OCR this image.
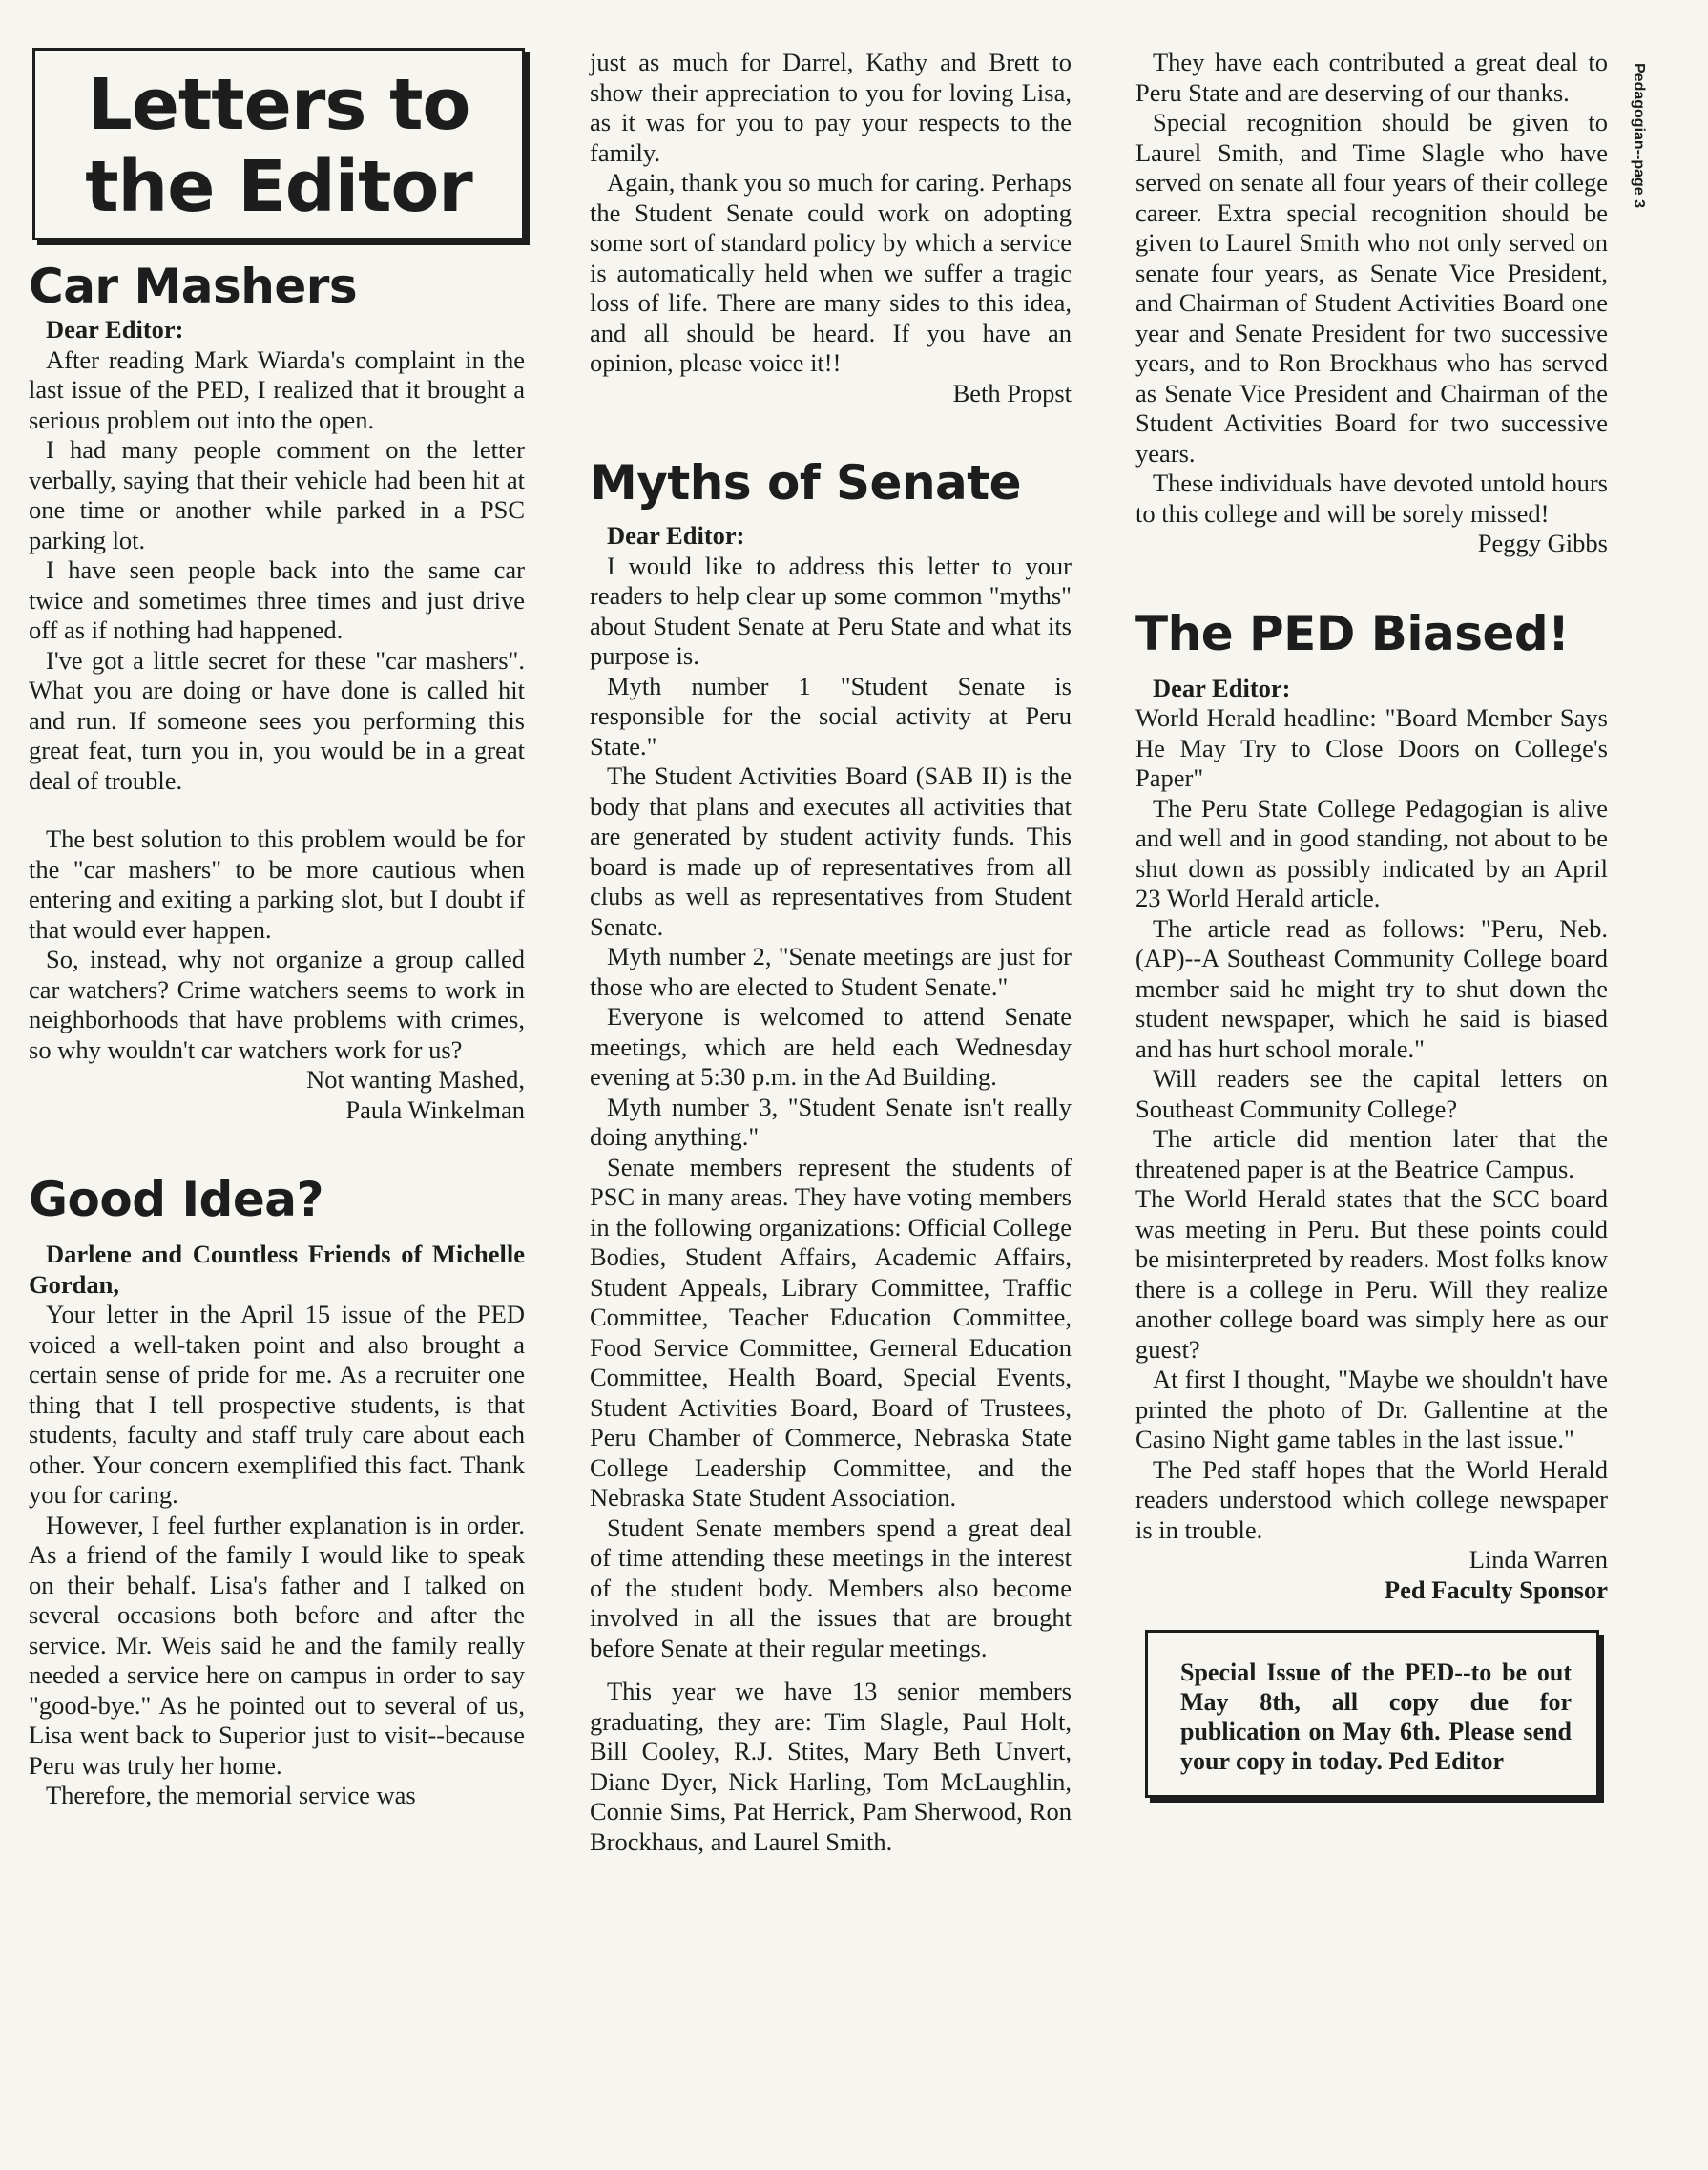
Pedagogian--page 3
Letters to
the Editor
Car Mashers

Dear Editor:

After reading Mark Wiarda's complaint in the last issue of the PED, I realized that it brought a serious problem out into the open.

I had many people comment on the letter verbally, saying that their vehicle had been hit at one time or another while parked in a PSC parking lot.

I have seen people back into the same car twice and sometimes three times and just drive off as if nothing had happened.

I've got a little secret for these "car mashers". What you are doing or have done is called hit and run. If someone sees you performing this great feat, turn you in, you would be in a great deal of trouble.

The best solution to this problem would be for the "car mashers" to be more cautious when entering and exiting a parking slot, but I doubt if that would ever happen.

So, instead, why not organize a group called car watchers? Crime watchers seems to work in neighborhoods that have problems with crimes, so why wouldn't car watchers work for us?

Not wanting Mashed,

Paula Winkelman

Good Idea?

Darlene and Countless Friends of Michelle Gordan,

Your letter in the April 15 issue of the PED voiced a well-taken point and also brought a certain sense of pride for me. As a recruiter one thing that I tell prospective students, is that students, faculty and staff truly care about each other. Your concern exemplified this fact. Thank you for caring.

However, I feel further explanation is in order. As a friend of the family I would like to speak on their behalf. Lisa's father and I talked on several occasions both before and after the service. Mr. Weis said he and the family really needed a service here on campus in order to say "good-bye." As he pointed out to several of us, Lisa went back to Superior just to visit--because Peru was truly her home.

Therefore, the memorial service was

just as much for Darrel, Kathy and Brett to show their appreciation to you for loving Lisa, as it was for you to pay your respects to the family.

Again, thank you so much for caring. Perhaps the Student Senate could work on adopting some sort of standard policy by which a service is automatically held when we suffer a tragic loss of life. There are many sides to this idea, and all should be heard. If you have an opinion, please voice it!!

Beth Propst

Myths of Senate

Dear Editor:

I would like to address this letter to your readers to help clear up some common "myths" about Student Senate at Peru State and what its purpose is.

Myth number 1 "Student Senate is responsible for the social activity at Peru State."

The Student Activities Board (SAB II) is the body that plans and executes all activities that are generated by student activity funds. This board is made up of representatives from all clubs as well as representatives from Student Senate.

Myth number 2, "Senate meetings are just for those who are elected to Student Senate."

Everyone is welcomed to attend Senate meetings, which are held each Wednesday evening at 5:30 p.m. in the Ad Building.

Myth number 3, "Student Senate isn't really doing anything."

Senate members represent the students of PSC in many areas. They have voting members in the following organizations: Official College Bodies, Student Affairs, Academic Affairs, Student Appeals, Library Committee, Traffic Committee, Teacher Education Committee, Food Service Committee, Gerneral Education Committee, Health Board, Special Events, Student Activities Board, Board of Trustees, Peru Chamber of Commerce, Nebraska State College Leadership Committee, and the Nebraska State Student Association.

Student Senate members spend a great deal of time attending these meetings in the interest of the student body. Members also become involved in all the issues that are brought before Senate at their regular meetings.

This year we have 13 senior members graduating, they are: Tim Slagle, Paul Holt, Bill Cooley, R.J. Stites, Mary Beth Unvert, Diane Dyer, Nick Harling, Tom McLaughlin, Connie Sims, Pat Herrick, Pam Sherwood, Ron Brockhaus, and Laurel Smith.

They have each contributed a great deal to Peru State and are deserving of our thanks.

Special recognition should be given to Laurel Smith, and Time Slagle who have served on senate all four years of their college career. Extra special recognition should be given to Laurel Smith who not only served on senate four years, as Senate Vice President, and Chairman of Student Activities Board one year and Senate President for two successive years, and to Ron Brockhaus who has served as Senate Vice President and Chairman of the Student Activities Board for two successive years.

These individuals have devoted untold hours to this college and will be sorely missed!

Peggy Gibbs

The PED Biased!

Dear Editor:

World Herald headline: "Board Member Says He May Try to Close Doors on College's Paper"

The Peru State College Pedagogian is alive and well and in good standing, not about to be shut down as possibly indicated by an April 23 World Herald article.

The article read as follows: "Peru, Neb. (AP)--A Southeast Community College board member said he might try to shut down the student newspaper, which he said is biased and has hurt school morale."

Will readers see the capital letters on Southeast Community College?

The article did mention later that the threatened paper is at the Beatrice Campus.

The World Herald states that the SCC board was meeting in Peru. But these points could be misinterpreted by readers. Most folks know there is a college in Peru. Will they realize another college board was simply here as our guest?

At first I thought, "Maybe we shouldn't have printed the photo of Dr. Gallentine at the Casino Night game tables in the last issue."

The Ped staff hopes that the World Herald readers understood which college newspaper is in trouble.

Linda Warren

Ped Faculty Sponsor

Special Issue of the PED--to be out May 8th, all copy due for publication on May 6th. Please send your copy in today. Ped Editor
